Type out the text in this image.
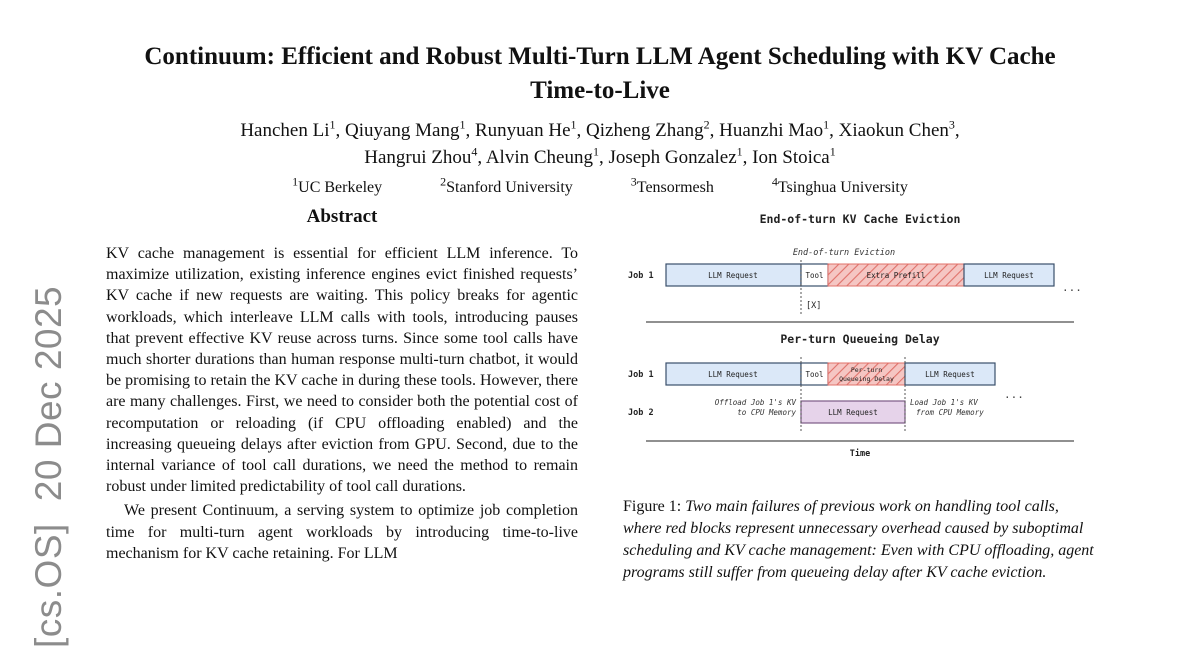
[cs.OS]20 Dec 2025
Continuum: Efficient and Robust Multi-Turn LLM Agent Scheduling with KV Cache Time-to-Live
Hanchen Li$^1$, Qiuyang Mang$^1$, Runyuan He$^1$, Qizheng Zhang$^2$, Huanzhi Mao$^1$, Xiaokun Chen$^3$,
Hangrui Zhou$^4$, Alvin Cheung$^1$, Joseph Gonzalez$^1$, Ion Stoica$^1$
$^1$UC Berkeley	$^2$Stanford University	$^3$Tensormesh	$^4$Tsinghua University
Abstract

KV cache management is essential for efficient LLM inference. To maximize utilization, existing inference engines evict finished requests’ KV cache if new requests are waiting. This policy breaks for agentic workloads, which interleave LLM calls with tools, introducing pauses that prevent effective KV reuse across turns. Since some tool calls have much shorter durations than human response multi-turn chatbot, it would be promising to retain the KV cache in during these tools. However, there are many challenges. First, we need to consider both the potential cost of recomputation or reloading (if CPU offloading enabled) and the increasing queueing delays after eviction from GPU. Second, due to the internal variance of tool call durations, we need the method to remain robust under limited predictability of tool call durations.

We present Continuum, a serving system to optimize job completion time for multi-turn agent workloads by introducing time-to-live mechanism for KV cache retaining. For LLM

End-of-turn KV Cache Eviction
End-of-turn Eviction
Job 1	LLM Request	Tool	Extra Prefill	LLM Request
...
[X]
Per-turn Queueing Delay
Job 1	LLM Request	Tool	Per-turn
Queueing Delay	LLM Request
...
Job 2
Offload Job 1's KV
to CPU Memory	LLM Request
Load Job 1's KV
from CPU Memory
Time
Figure 1: Two main failures of previous work on handling tool calls, where red blocks represent unnecessary overhead caused by suboptimal scheduling and KV cache management: Even with CPU offloading, agent programs still suffer from queueing delay after KV cache eviction.
